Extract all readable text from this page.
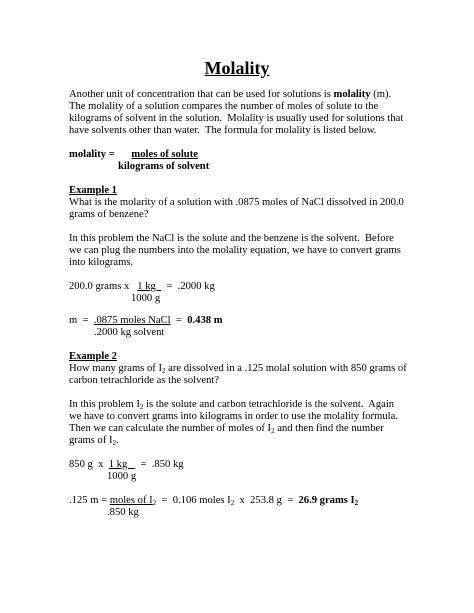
Molality
Another unit of concentration that can be used for solutions is molality (m).
The molality of a solution compares the number of moles of solute to the
kilograms of solvent in the solution.  Molality is usually used for solutions that
have solvents other than water.  The formula for molality is listed below.
molality = moles of solute
kilograms of solvent
Example 1
What is the molarity of a solution with .0875 moles of NaCl dissolved in 200.0
grams of benzene?
In this problem the NaCl is the solute and the benzene is the solvent.  Before
we can plug the numbers into the molality equation, we have to convert grams
into kilograms.
200.0 grams x   1 kg    =  .2000 kg
1000 g
m  =  .0875 moles NaCl  =  0.438 m
.2000 kg solvent
Example 2
How many grams of $I_2$ are dissolved in a .125 molal solution with 850 grams of
carbon tetrachloride as the solvent?
In this problem $I_2$ is the solute and carbon tetrachloride is the solvent.  Again
we have to convert grams into kilograms in order to use the molality formula.
Then we can calculate the number of moles of $I_2$ and then find the number
grams of $I_2$.
850 g  x  1 kg     =  .850 kg
1000 g
.125 m = moles of $I_2 = 0.106$ moles $I_2$  x  253.8 g  =  26.9 grams $I_2$
.850 kg
